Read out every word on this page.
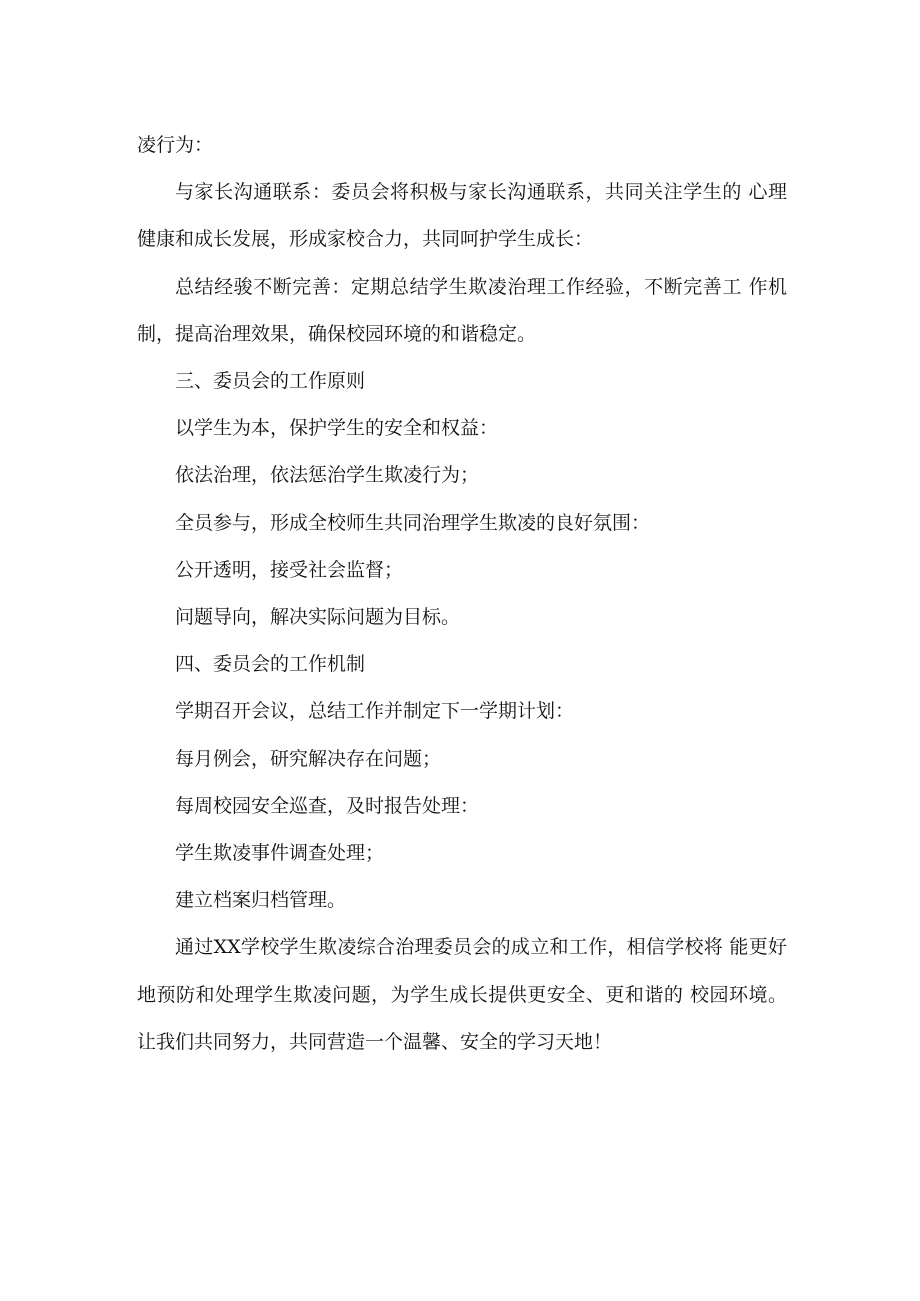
凌行为：

与家长沟通联系：委员会将积极与家长沟通联系，共同关注学生的 心理健康和成长发展，形成家校合力，共同呵护学生成长：

总结经骏不断完善：定期总结学生欺凌治理工作经验，不断完善工 作机制，提高治理效果，确保校园环境的和谐稳定。

三、委员会的工作原则

以学生为本，保护学生的安全和权益：

依法治理，依法惩治学生欺凌行为；

全员参与，形成全校师生共同治理学生欺凌的良好氛围：

公开透明，接受社会监督；

问题导向，解决实际问题为目标。

四、委员会的工作机制

学期召开会议，总结工作并制定下一学期计划：

每月例会，研究解决存在问题；

每周校园安全巡查，及时报告处理：

学生欺凌事件调查处理；

建立档案归档管理。

通过XX学校学生欺凌综合治理委员会的成立和工作，相信学校将 能更好地预防和处理学生欺凌问题，为学生成长提供更安全、更和谐的 校园环境。让我们共同努力，共同营造一个温馨、安全的学习天地！
